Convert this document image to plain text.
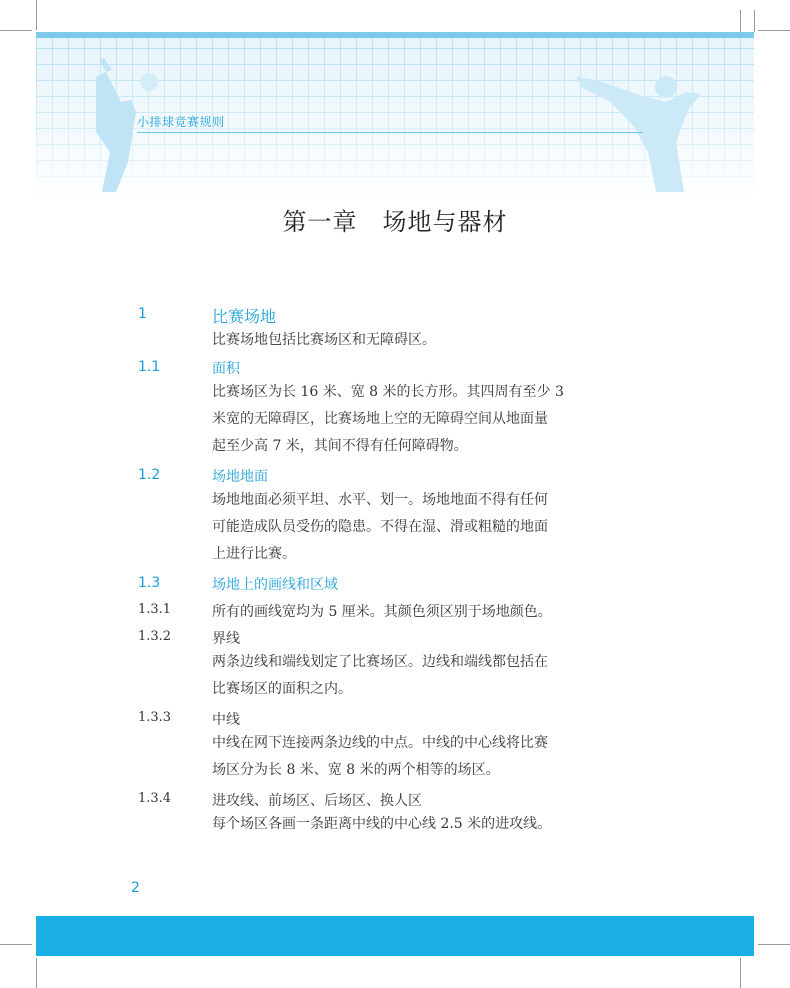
小排球竞赛规则
第一章　场地与器材
1	比赛场地
比赛场地包括比赛场区和无障碍区。
1.1	面积
比赛场区为长 16 米、宽 8 米的长方形。其四周有至少 3
米宽的无障碍区，比赛场地上空的无障碍空间从地面量
起至少高 7 米，其间不得有任何障碍物。
1.2	场地地面
场地地面必须平坦、水平、划一。场地地面不得有任何
可能造成队员受伤的隐患。不得在湿、滑或粗糙的地面
上进行比赛。
1.3	场地上的画线和区域
1.3.1	所有的画线宽均为 5 厘米。其颜色须区别于场地颜色。
1.3.2	界线
两条边线和端线划定了比赛场区。边线和端线都包括在
比赛场区的面积之内。
1.3.3	中线
中线在网下连接两条边线的中点。中线的中心线将比赛
场区分为长 8 米、宽 8 米的两个相等的场区。
1.3.4	进攻线、前场区、后场区、换人区
每个场区各画一条距离中线的中心线 2.5 米的进攻线。
2
